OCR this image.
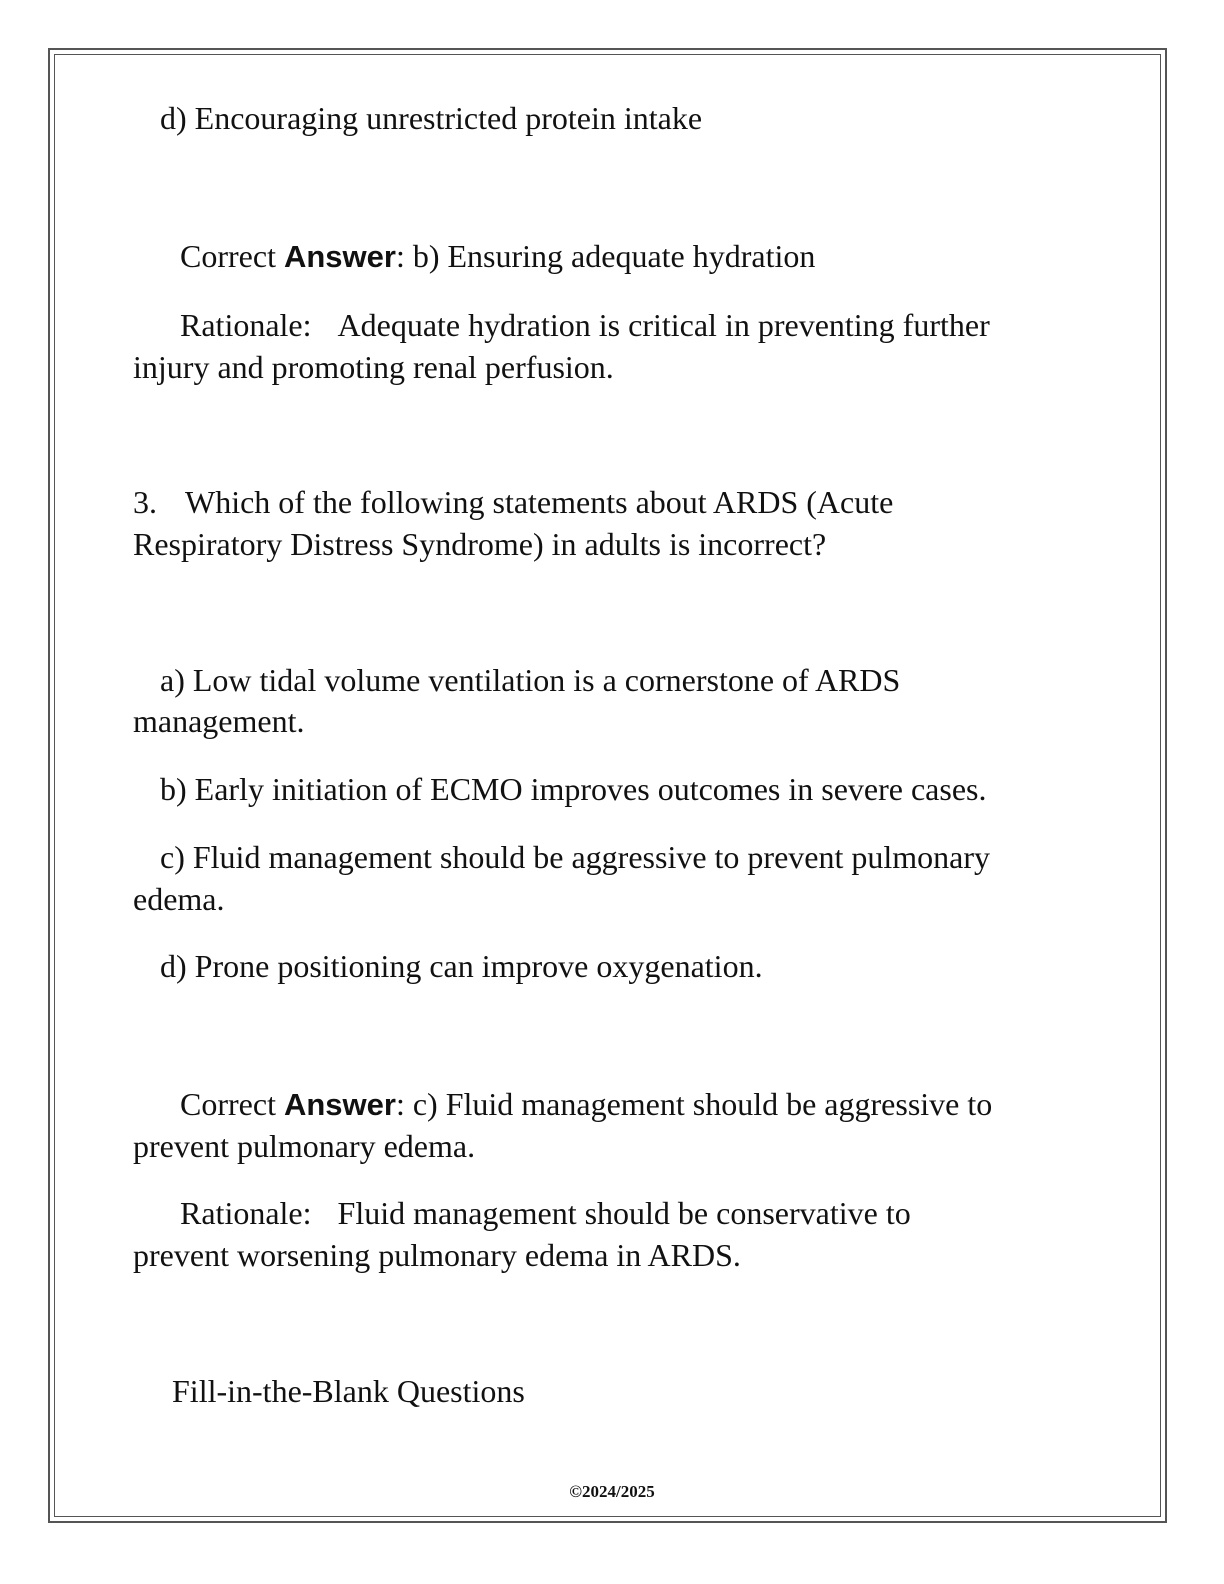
d) Encouraging unrestricted protein intake

Correct Answer: b) Ensuring adequate hydration

Rationale: Adequate hydration is critical in preventing further

injury and promoting renal perfusion.

3. Which of the following statements about ARDS (Acute

Respiratory Distress Syndrome) in adults is incorrect?

a) Low tidal volume ventilation is a cornerstone of ARDS

management.

b) Early initiation of ECMO improves outcomes in severe cases.

c) Fluid management should be aggressive to prevent pulmonary

edema.

d) Prone positioning can improve oxygenation.

Correct Answer: c) Fluid management should be aggressive to

prevent pulmonary edema.

Rationale: Fluid management should be conservative to

prevent worsening pulmonary edema in ARDS.

Fill-in-the-Blank Questions

©2024/2025
